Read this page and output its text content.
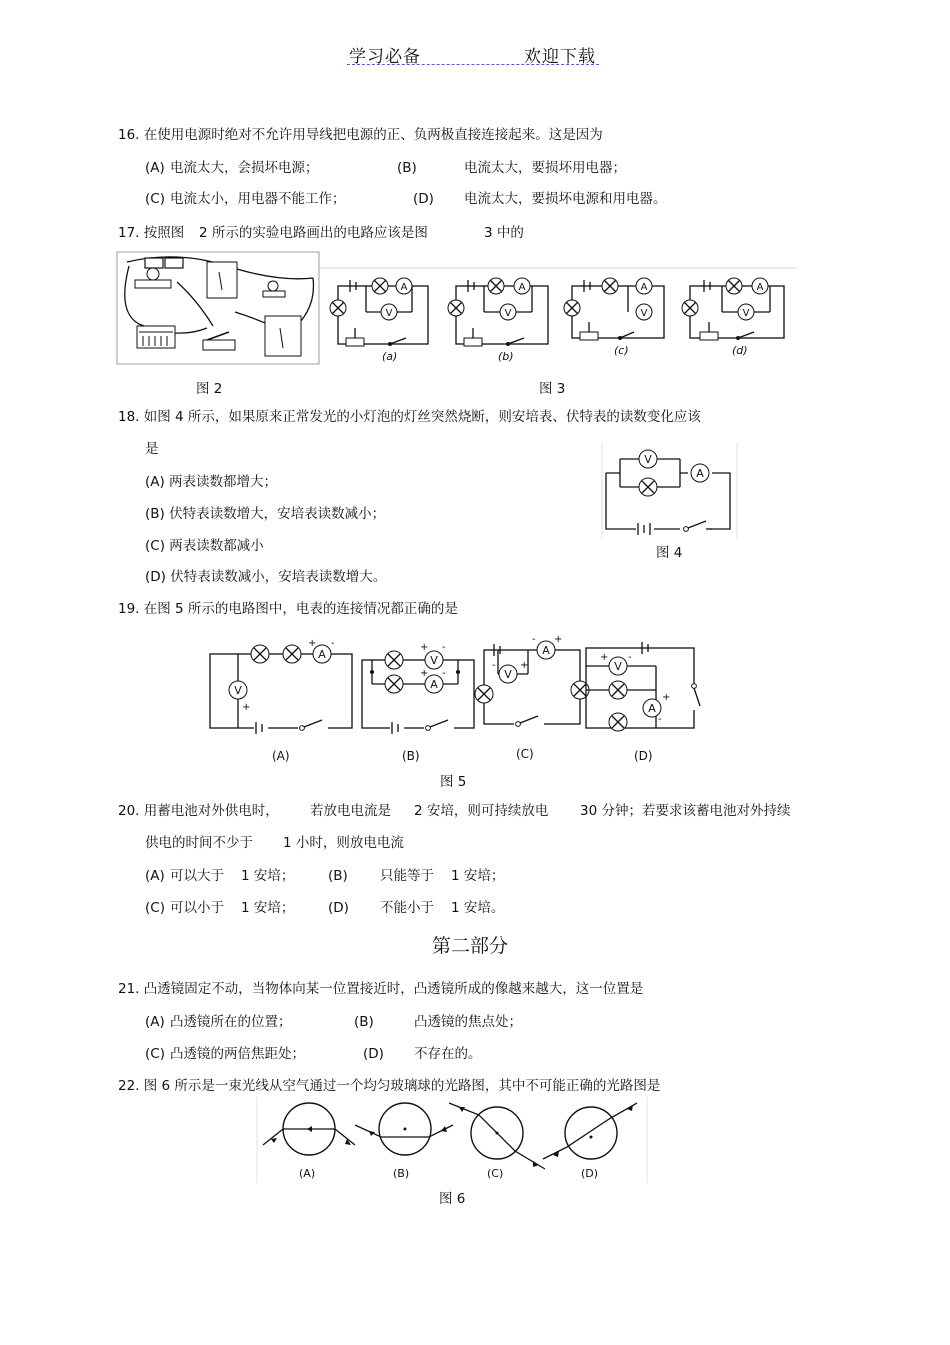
学习必备	欢迎下载
16. 在使用电源时绝对不允许用导线把电源的正、负两极直接连接起来。这是因为
(A) 电流太大，会损坏电源；	(B)	电流太大，要损坏用电器；
(C) 电流太小，用电器不能工作；	(D) 电流太大，要损坏电源和用电器。
17. 按照图 2 所示的实验电路画出的电路应该是图	3 中的
A
V
(a)
A
V
(b)
A
V
(c)
A
V
(d)
图 2	图 3
18. 如图 4 所示，如果原来正常发光的小灯泡的灯丝突然烧断，则安培表、伏特表的读数变化应该
是
(A) 两表读数都增大；
(B) 伏特表读数增大，安培表读数减小；
(C) 两表读数都减小
(D) 伏特表读数减小，安培表读数增大。
V
A
图 4
19. 在图 5 所示的电路图中，电表的连接情况都正确的是
A
+ -
V
+
(A)
V
+ -
A
+ -
(B)
A
- +
V
- +
(C)
V
+ -
A
+
-
(D)
图 5
20. 用蓄电池对外供电时， 若放电电流是 2 安培，则可持续放电 30 分钟；若要求该蓄电池对外持续
供电的时间不少于 1 小时，则放电电流
(A) 可以大于 1 安培； (B) 只能等于 1 安培；
(C) 可以小于 1 安培； (D) 不能小于 1 安培。
第二部分
21. 凸透镜固定不动，当物体向某一位置接近时，凸透镜所成的像越来越大，这一位置是
(A) 凸透镜所在的位置；	(B)	凸透镜的焦点处；
(C) 凸透镜的两倍焦距处；	(D) 不存在的。
22. 图 6 所示是一束光线从空气通过一个均匀玻璃球的光路图，其中不可能正确的光路图是
(A)	(B)	(C)	(D)
图 6
